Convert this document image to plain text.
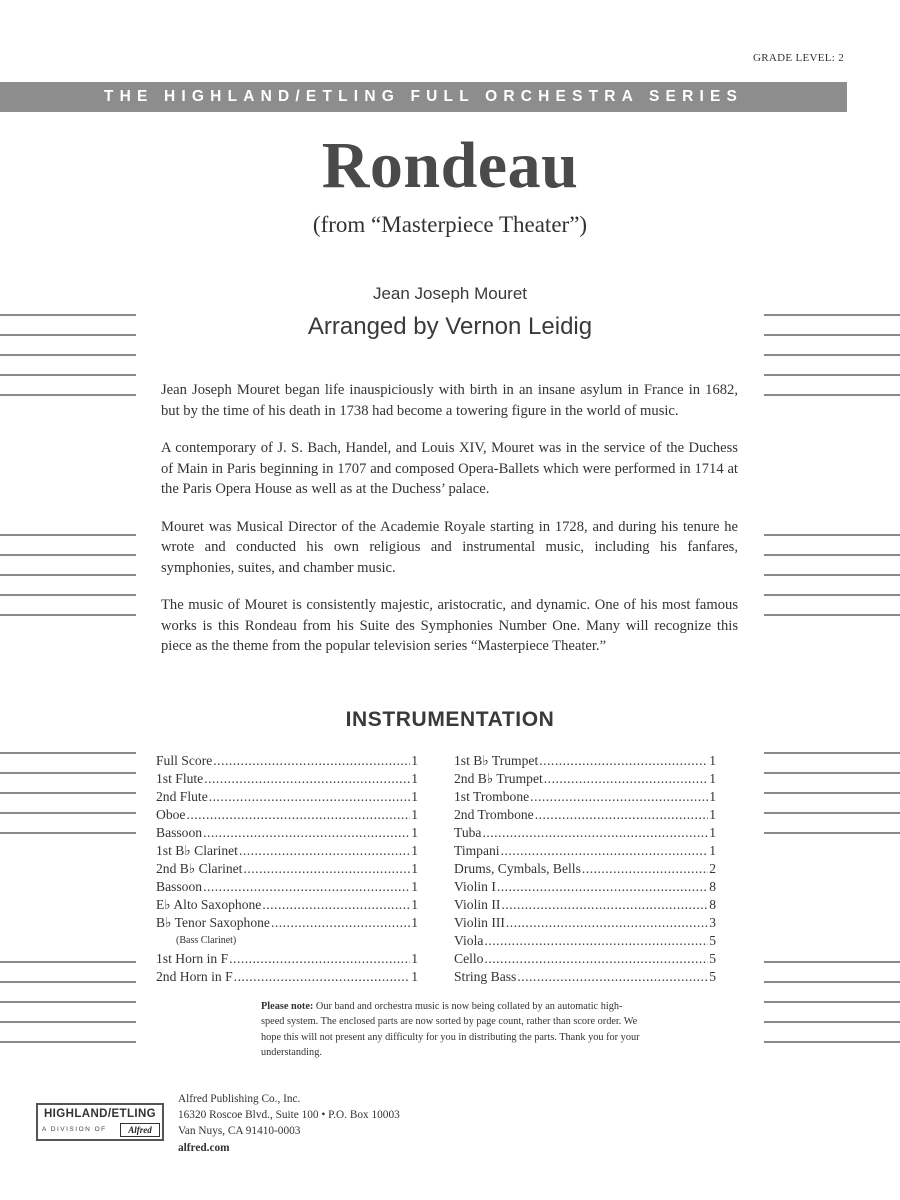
GRADE LEVEL: 2
THE HIGHLAND/ETLING FULL ORCHESTRA SERIES
Rondeau
(from “Masterpiece Theater”)
Jean Joseph Mouret
Arranged by Vernon Leidig

Jean Joseph Mouret began life inauspiciously with birth in an insane asylum in France in 1682, but by the time of his death in 1738 had become a towering figure in the world of music.

A contemporary of J. S. Bach, Handel, and Louis XIV, Mouret was in the service of the Duchess of Main in Paris beginning in 1707 and composed Opera-Ballets which were performed in 1714 at the Paris Opera House as well as at the Duchess’ palace.

Mouret was Musical Director of the Academie Royale starting in 1728, and during his tenure he wrote and conducted his own religious and instrumental music, including his fanfares, symphonies, suites, and chamber music.

The music of Mouret is consistently majestic, aristocratic, and dynamic. One of his most famous works is this Rondeau from his Suite des Symphonies Number One. Many will recognize this piece as the theme from the popular television series “Masterpiece Theater.”

INSTRUMENTATION
Full Score .....	1
1st Flute .....	1
2nd Flute .....	1
Oboe .....	1
Bassoon .....	1
1st B♭ Clarinet .....	1
2nd B♭ Clarinet .....	1
Bassoon .....	1
E♭ Alto Saxophone .....	1
B♭ Tenor Saxophone .....	1
(Bass Clarinet)
1st Horn in F .....	1
2nd Horn in F .....	1
1st B♭ Trumpet .....	1
2nd B♭ Trumpet .....	1
1st Trombone .....	1
2nd Trombone .....	1
Tuba .....	1
Timpani .....	1
Drums, Cymbals, Bells .....	2
Violin I .....	8
Violin II .....	8
Violin III .....	3
Viola .....	5
Cello .....	5
String Bass .....	5
Please note: Our band and orchestra music is now being collated by an automatic high-speed system. The enclosed parts are now sorted by page count, rather than score order. We hope this will not present any difficulty for you in distributing the parts. Thank you for your understanding.
HIGHLAND/ETLING
A DIVISION OF	Alfred
Alfred Publishing Co., Inc.
16320 Roscoe Blvd., Suite 100 • P.O. Box 10003
Van Nuys, CA 91410-0003
alfred.com
